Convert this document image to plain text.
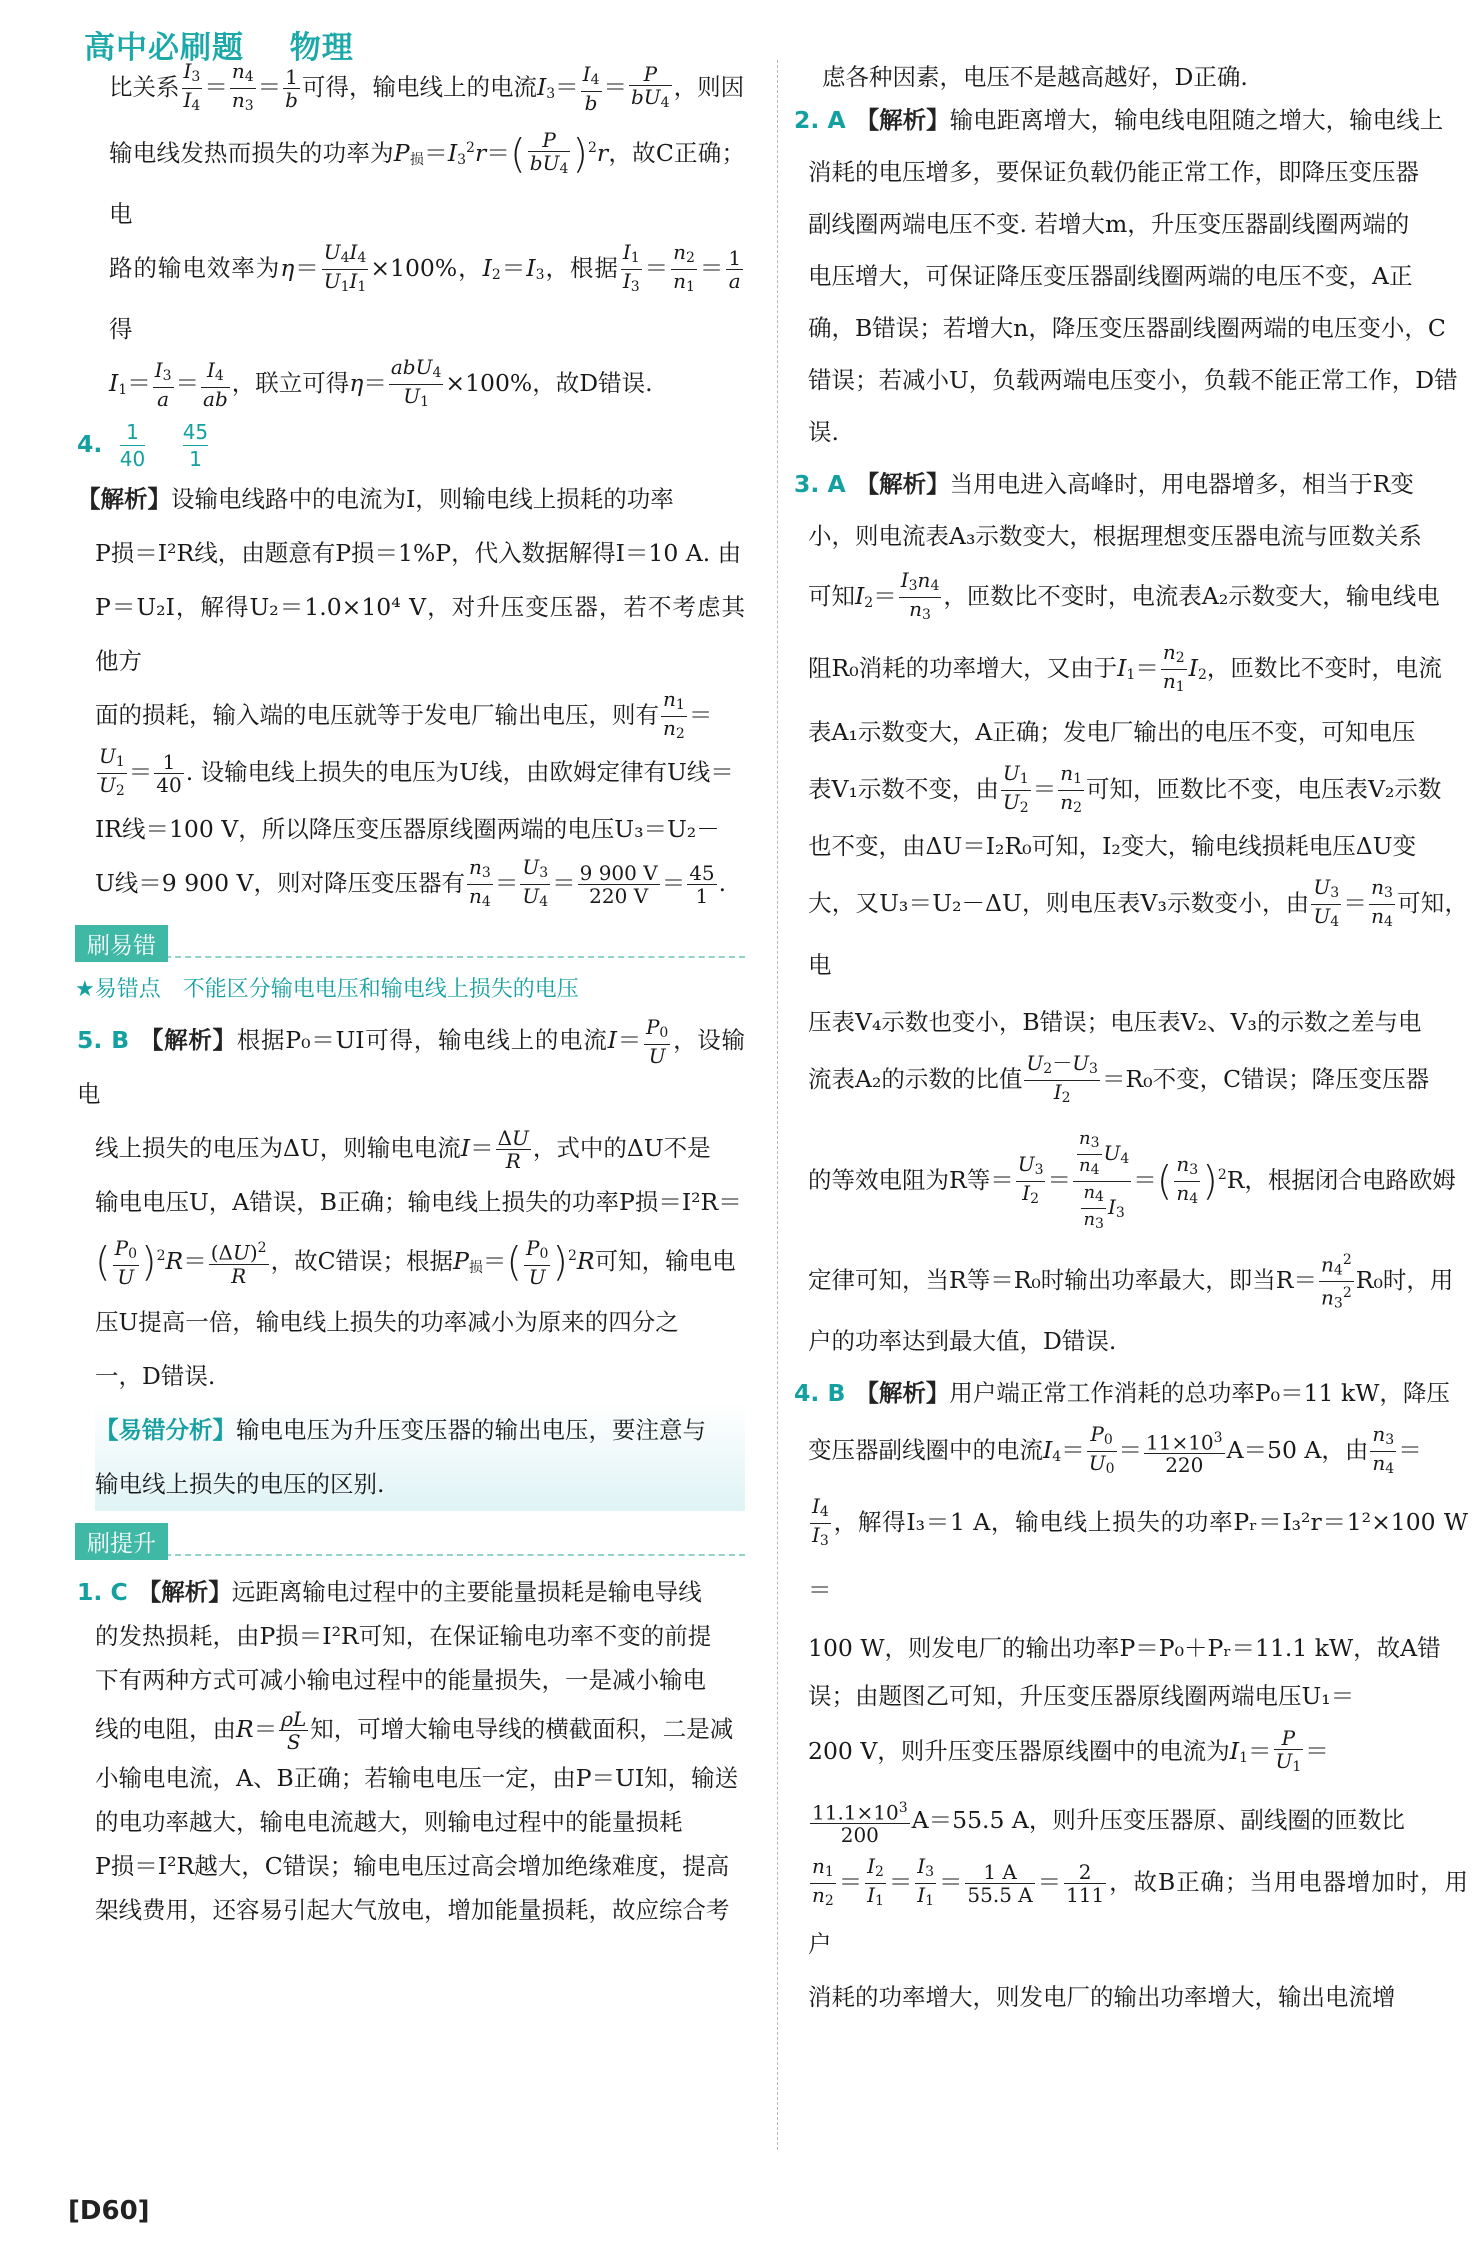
高中必刷题 物理

比关系 $\frac{I_3}{I_4} = \frac{n_4}{n_3} = \frac{1}{b}$ 可得，输电线上的电流$I_3= \frac{I_4}{b} = \frac{P}{bU_4}$ ，则因

输电线发热而损失的功率为$P_损=I_3^2r=( \frac{P}{bU_4} )^2r$，故C正确；电

路的输电效率为$\eta= \frac{U_4I_4}{U_1I_1} \times 100\%$，$I_2=I_3$，根据 $\frac{I_1}{I_3} = \frac{n_2}{n_1} = \frac{1}{a}$
得

$I_1= \frac{I_3}{a} = \frac{I_4}{ab}$ ，联立可得$\eta= \frac{abU_4}{U_1} \times 100\%$，故D错误.

4. $\frac{1}{40} \frac{45}{1}$

【解析】设输电线路中的电流为I，则输电线上损耗的功率

P损＝I²R线，由题意有P损＝1%P，代入数据解得I＝10 A. 由

P＝U₂I，解得U₂＝1.0×10⁴ V，对升压变压器，若不考虑其他方

面的损耗，输入端的电压就等于发电厂输出电压，则有 $\frac{n_1}{n_2}$ ＝

$\frac{U_1}{U_2} = \frac{1}{40}$ . 设输电线上损失的电压为U线，由欧姆定律有U线＝

IR线＝100 V，所以降压变压器原线圈两端的电压U₃＝U₂－

U线＝9 900 V，则对降压变压器有 $\frac{n_3}{n_4} = \frac{U_3}{U_4} = \frac{9 900 V}{220 V} = \frac{45}{1}$ .

刷易错
★易错点　不能区分输电电压和输电线上损失的电压

5. B 【解析】根据P₀＝UI可得，输电线上的电流$I= \frac{P_0}{U}$ ，设输电

线上损失的电压为ΔU，则输电电流$I= \frac{\Delta U}{R}$ ，式中的ΔU不是

输电电压U，A错误，B正确；输电线上损失的功率P损＝I²R＝

( $\frac{P_0}{U} )^2R= \frac{(\Delta U)^2}{R}$ ，故C错误；根据$P_损=( \frac{P_0}{U} )^2R$可知，输电电

压U提高一倍，输电线上损失的功率减小为原来的四分之

一，D错误.

【易错分析】输电电压为升压变压器的输出电压，要注意与

输电线上损失的电压的区别.

刷提升

1. C 【解析】远距离输电过程中的主要能量损耗是输电导线

的发热损耗，由P损＝I²R可知，在保证输电功率不变的前提

下有两种方式可减小输电过程中的能量损失，一是减小输电

线的电阻，由$R= \frac{\rho L}{S}$ 知，可增大输电导线的横截面积，二是减

小输电电流，A、B正确；若输电电压一定，由P＝UI知，输送

的电功率越大，输电电流越大，则输电过程中的能量损耗

P损＝I²R越大，C错误；输电电压过高会增加绝缘难度，提高

架线费用，还容易引起大气放电，增加能量损耗，故应综合考

虑各种因素，电压不是越高越好，D正确.

2. A 【解析】输电距离增大，输电线电阻随之增大，输电线上

消耗的电压增多，要保证负载仍能正常工作，即降压变压器

副线圈两端电压不变. 若增大m，升压变压器副线圈两端的

电压增大，可保证降压变压器副线圈两端的电压不变，A正

确，B错误；若增大n，降压变压器副线圈两端的电压变小，C

错误；若减小U，负载两端电压变小，负载不能正常工作，D错

误.

3. A 【解析】当用电进入高峰时，用电器增多，相当于R变

小，则电流表A₃示数变大，根据理想变压器电流与匝数关系

可知$I_2= \frac{I_3n_4}{n_3}$ ，匝数比不变时，电流表A₂示数变大，输电线电

阻R₀消耗的功率增大，又由于$I_1= \frac{n_2}{n_1} I_2$，匝数比不变时，电流

表A₁示数变大，A正确；发电厂输出的电压不变，可知电压

表V₁示数不变，由 $\frac{U_1}{U_2} = \frac{n_1}{n_2}$ 可知，匝数比不变，电压表V₂示数

也不变，由ΔU＝I₂R₀可知，I₂变大，输电线损耗电压ΔU变

大，又U₃＝U₂－ΔU，则电压表V₃示数变小，由 $\frac{U_3}{U_4} = \frac{n_3}{n_4}$ 可知，电

压表V₄示数也变小，B错误；电压表V₂、V₃的示数之差与电

流表A₂的示数的比值 $\frac{U_2-U_3}{I_2} =R_0$不变，C错误；降压变压器

的等效电阻为R等＝ $\frac{U_3}{I_2} = \frac{\frac{n_3}{n_4} U_4}{\frac{n_4}{n_3} I_3}$ ＝( $\frac{n_3}{n_4} )^2R$，根据闭合电路欧姆

定律可知，当R等＝R₀时输出功率最大，即当$R= \frac{n_4^2}{n_3^2} R_0$时，用

户的功率达到最大值，D错误.

4. B 【解析】用户端正常工作消耗的总功率P₀＝11 kW，降压

变压器副线圈中的电流$I_4= \frac{P_0}{U_0} = \frac{11\times 10^3}{220} A=50$ A，由 $\frac{n_3}{n_4}$ ＝

$\frac{I_4}{I_3}$ ，解得I₃＝1 A，输电线上损失的功率Pᵣ＝I₃²r＝1²×100 W＝

100 W，则发电厂的输出功率P＝P₀＋Pᵣ＝11.1 kW，故A错

误；由题图乙可知，升压变压器原线圈两端电压U₁＝

200 V，则升压变压器原线圈中的电流为$I_1= \frac{P}{U_1}$ ＝

$\frac{11.1\times 10^3}{200} A=55.5$ A，则升压变压器原、副线圈的匝数比

$\frac{n_1}{n_2} = \frac{I_2}{I_1} = \frac{I_3}{I_1} = \frac{1 A}{55.5 A} = \frac{2}{111}$ ，故B正确；当用电器增加时，用户

消耗的功率增大，则发电厂的输出功率增大，输出电流增

[D60]
